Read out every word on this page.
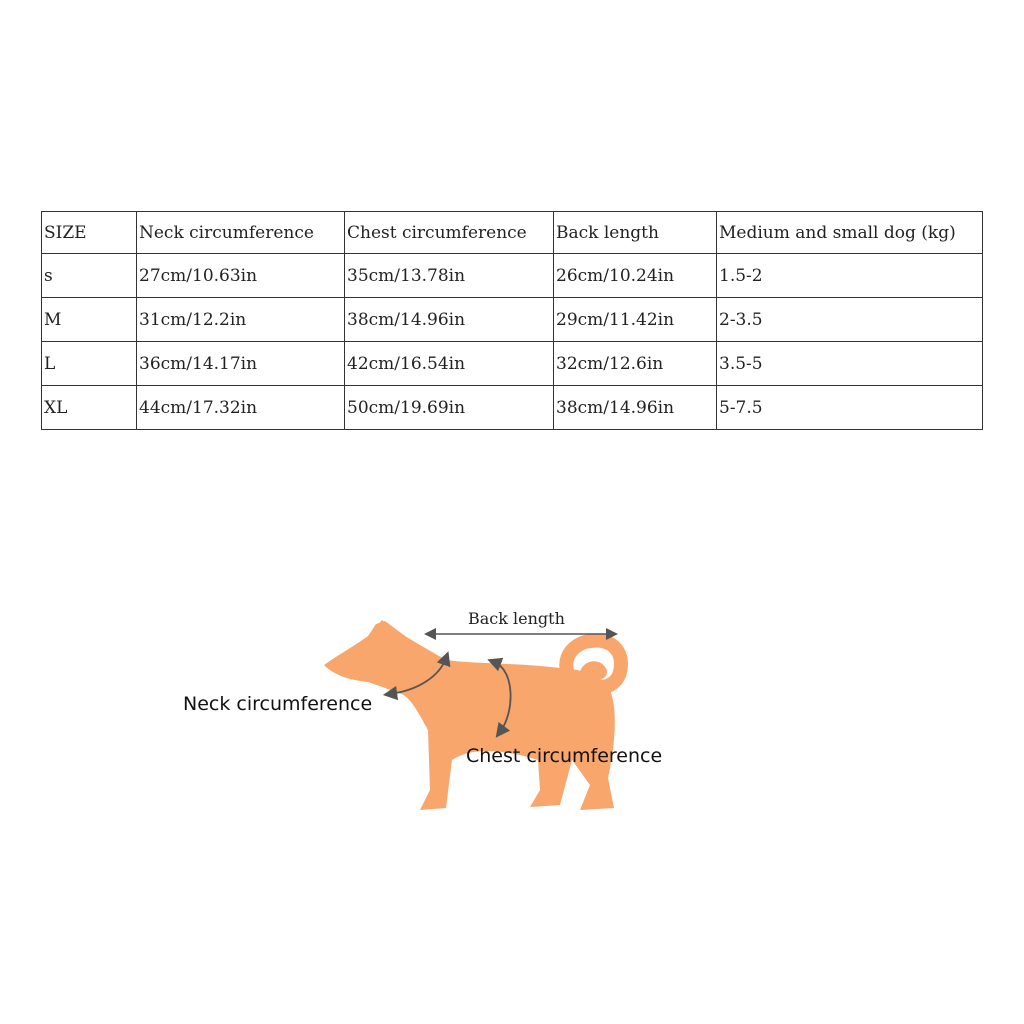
SIZE	Neck circumference	Chest circumference	Back length	Medium and small dog (kg)
s	27cm/10.63in	35cm/13.78in	26cm/10.24in	1.5-2
M	31cm/12.2in	38cm/14.96in	29cm/11.42in	2-3.5
L	36cm/14.17in	42cm/16.54in	32cm/12.6in	3.5-5
XL	44cm/17.32in	50cm/19.69in	38cm/14.96in	5-7.5
Back length
Neck circumference
Chest circumference
